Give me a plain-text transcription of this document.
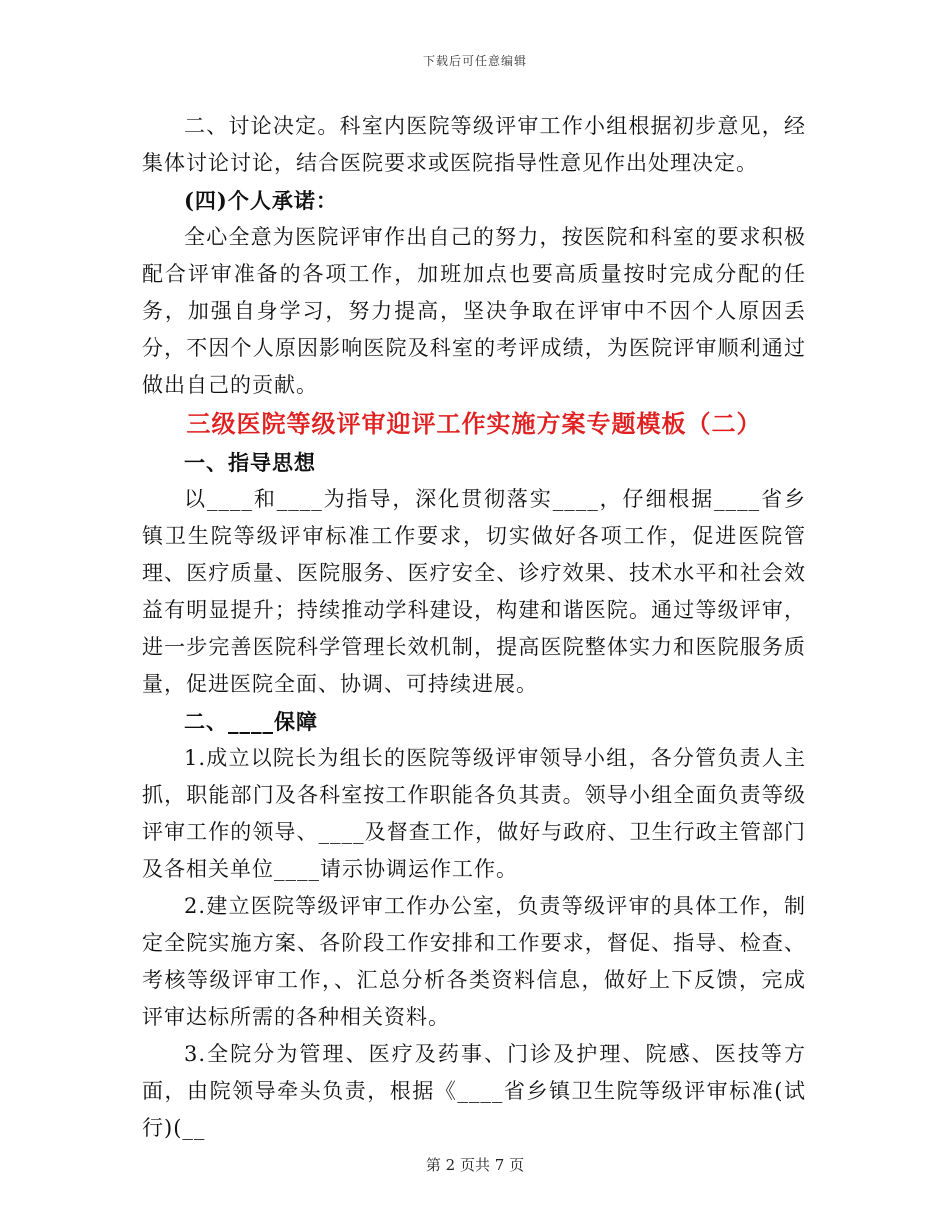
下载后可任意编辑

二、讨论决定。科室内医院等级评审工作小组根据初步意见，经集体讨论讨论，结合医院要求或医院指导性意见作出处理决定。

(四)个人承诺：

全心全意为医院评审作出自己的努力，按医院和科室的要求积极配合评审准备的各项工作，加班加点也要高质量按时完成分配的任务，加强自身学习，努力提高，坚决争取在评审中不因个人原因丢分，不因个人原因影响医院及科室的考评成绩，为医院评审顺利通过做出自己的贡献。

三级医院等级评审迎评工作实施方案专题模板（二）

一、指导思想

以____和____为指导，深化贯彻落实____，仔细根据____省乡镇卫生院等级评审标准工作要求，切实做好各项工作，促进医院管理、医疗质量、医院服务、医疗安全、诊疗效果、技术水平和社会效益有明显提升；持续推动学科建设，构建和谐医院。通过等级评审，进一步完善医院科学管理长效机制，提高医院整体实力和医院服务质量，促进医院全面、协调、可持续进展。

二、____保障

1.成立以院长为组长的医院等级评审领导小组，各分管负责人主抓，职能部门及各科室按工作职能各负其责。领导小组全面负责等级评审工作的领导、____及督查工作，做好与政府、卫生行政主管部门及各相关单位____请示协调运作工作。

2.建立医院等级评审工作办公室，负责等级评审的具体工作，制定全院实施方案、各阶段工作安排和工作要求，督促、指导、检查、考核等级评审工作，、汇总分析各类资料信息，做好上下反馈，完成评审达标所需的各种相关资料。

3.全院分为管理、医疗及药事、门诊及护理、院感、医技等方面，由院领导牵头负责，根据《____省乡镇卫生院等级评审标准(试行)(__

第 2 页共 7 页
